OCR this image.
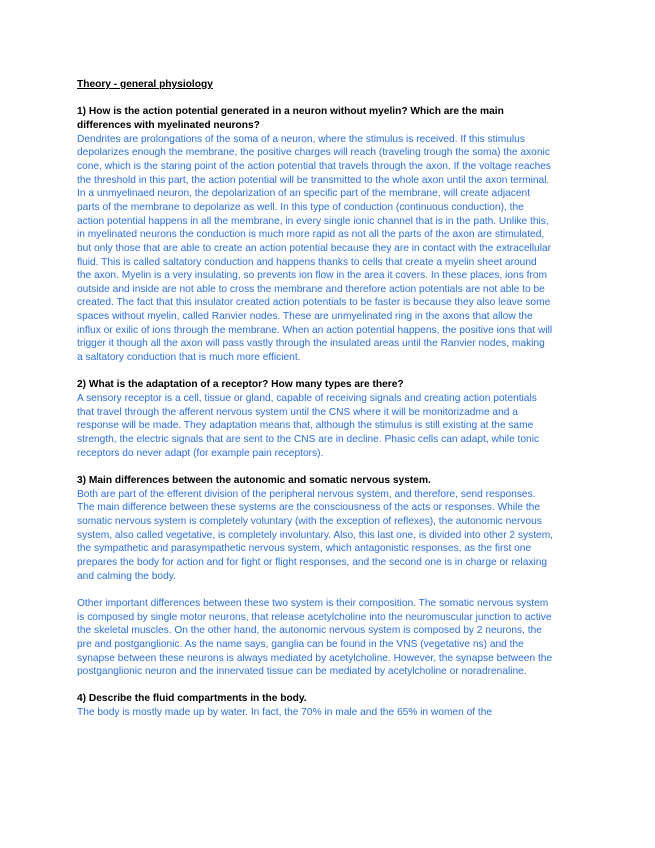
Theory - general physiology

1) How is the action potential generated in a neuron without myelin? Which are the main differences with myelinated neurons?

Dendrites are prolongations of the soma of a neuron, where the stimulus is received. If this stimulus depolarizes enough the membrane, the positive charges will reach (traveling trough the soma) the axonic cone, which is the staring point of the action potential that travels through the axon. If the voltage reaches the threshold in this part, the action potential will be transmitted to the whole axon until the axon terminal. In a unmyelinaed neuron, the depolarization of an specific part of the membrane, will create adjacent parts of the membrane to depolarize as well. In this type of conduction (continuous conduction), the action potential happens in all the membrane, in every single ionic channel that is in the path. Unlike this, in myelinated neurons the conduction is much more rapid as not all the parts of the axon are stimulated, but only those that are able to create an action potential because they are in contact with the extracellular fluid. This is called saltatory conduction and happens thanks to cells that create a myelin sheet around the axon. Myelin is a very insulating, so prevents ion flow in the area it covers. In these places, ions from outside and inside are not able to cross the membrane and therefore action potentials are not able to be created. The fact that this insulator created action potentials to be faster is because they also leave some spaces without myelin, called Ranvier nodes. These are unmyelinated ring in the axons that allow the influx or exilic of ions through the membrane. When an action potential happens, the positive ions that will trigger it though all the axon will pass vastly through the insulated areas until the Ranvier nodes, making a saltatory conduction that is much more efficient.

2) What is the adaptation of a receptor? How many types are there?

A sensory receptor is a cell, tissue or gland, capable of receiving signals and creating action potentials that travel through the afferent nervous system until the CNS where it will be monitorizadme and a response will be made. They adaptation means that, although the stimulus is still existing at the same strength, the electric signals that are sent to the CNS are in decline. Phasic cells can adapt, while tonic receptors do never adapt (for example pain receptors).

3) Main differences between the autonomic and somatic nervous system.

Both are part of the efferent division of the peripheral nervous system, and therefore, send responses. The main difference between these systems are the consciousness of the acts or responses. While the somatic nervous system is completely voluntary (with the exception of reflexes), the autonomic nervous system, also called vegetative, is completely involuntary. Also, this last one, is divided into other 2 system, the sympathetic and parasympathetic nervous system, which antagonistic responses, as the first one prepares the body for action and for fight or flight responses, and the second one is in charge or relaxing and calming the body.

Other important differences between these two system is their composition. The somatic nervous system is composed by single motor neurons, that release acetylcholine into the neuromuscular junction to active the skeletal muscles. On the other hand, the autonomic nervous system is composed by 2 neurons, the pre and postganglionic. As the name says, ganglia can be found in the VNS (vegetative ns) and the synapse between these neurons is always mediated by acetylcholine. However, the synapse between the postganglionic neuron and the innervated tissue can be mediated by acetylcholine or noradrenaline.

4) Describe the fluid compartments in the body.

The body is mostly made up by water. In fact, the 70% in male and the 65% in women of the
